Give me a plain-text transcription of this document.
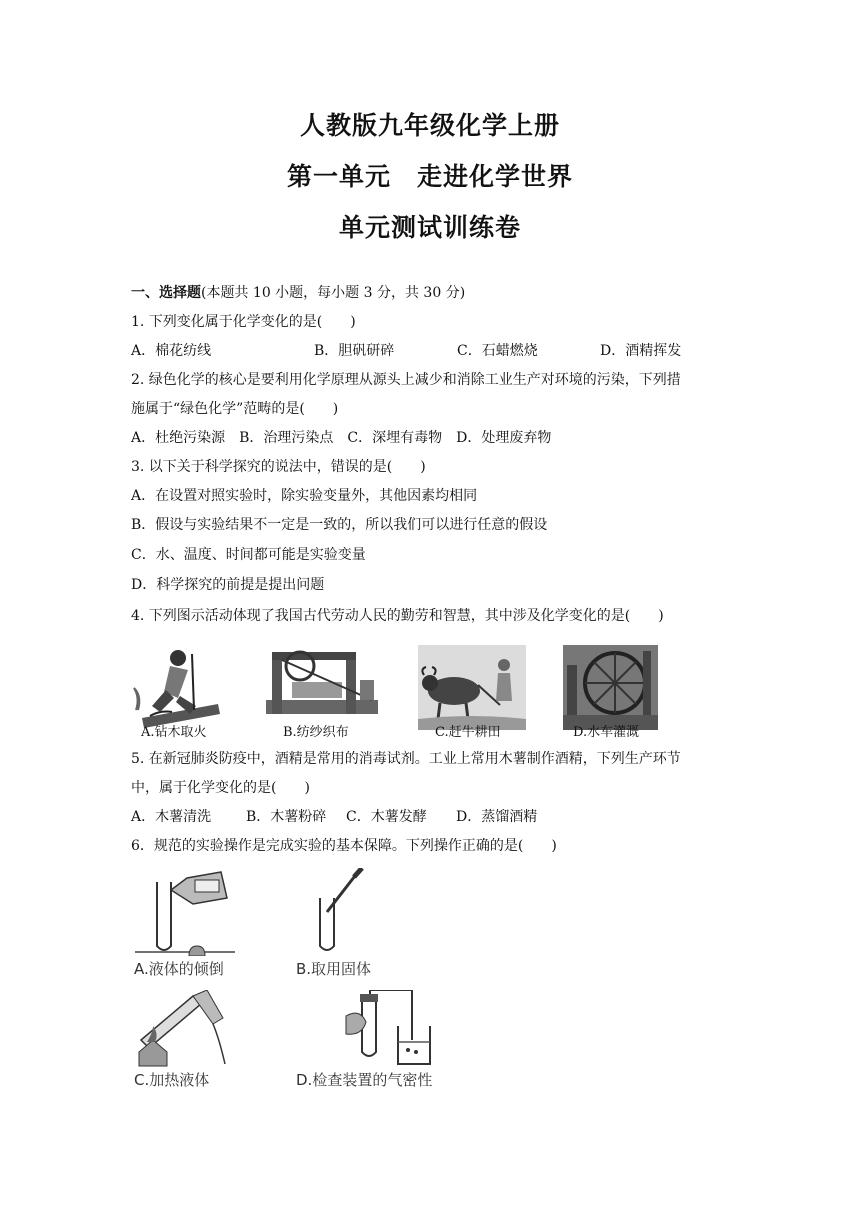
人教版九年级化学上册
第一单元　走进化学世界
单元测试训练卷
一、选择题(本题共 10 小题，每小题 3 分，共 30 分)
1. 下列变化属于化学变化的是(　　)
A．棉花纺线	B．胆矾研碎	C．石蜡燃烧	D．酒精挥发
2. 绿色化学的核心是要利用化学原理从源头上减少和消除工业生产对环境的污染，下列措
施属于“绿色化学”范畴的是(　　)
A．杜绝污染源　B．治理污染点　C．深埋有毒物　D．处理废弃物
3. 以下关于科学探究的说法中，错误的是(　　)
A．在设置对照实验时，除实验变量外，其他因素均相同
B．假设与实验结果不一定是一致的，所以我们可以进行任意的假设
C．水、温度、时间都可能是实验变量
D．科学探究的前提是提出问题
4. 下列图示活动体现了我国古代劳动人民的勤劳和智慧，其中涉及化学变化的是(　　)
A.钻木取火	B.纺纱织布	C.赶牛耕田	D.水车灌溉
5. 在新冠肺炎防疫中，酒精是常用的消毒试剂。工业上常用木薯制作酒精，下列生产环节
中，属于化学变化的是(　　)
A．木薯清洗 B．木薯粉碎 C．木薯发酵 D．蒸馏酒精
6．规范的实验操作是完成实验的基本保障。下列操作正确的是(　　)
A.液体的倾倒	B.取用固体
C.加热液体	D.检查装置的气密性
